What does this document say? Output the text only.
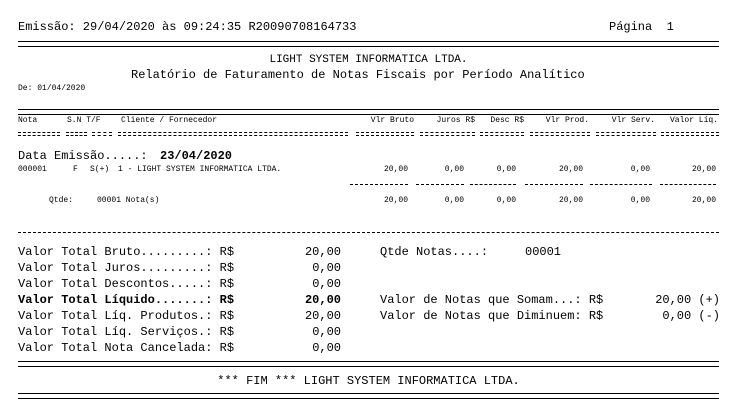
Emissão: 29/04/2020 às 09:24:35 R20090708164733	Página  1
LIGHT SYSTEM INFORMATICA LTDA.
Relatório de Faturamento de Notas Fiscais por Período Analítico
De: 01/04/2020
Nota	S.N T/F	Cliente / Fornecedor	Vlr Bruto	Juros R$	Desc R$	Vlr Prod.	Vlr Serv.	Valor Líq.
Data Emissão.....: 23/04/2020
000001	F S(+) 1 - LIGHT SYSTEM INFORMATICA LTDA.	20,00	0,00	0,00	20,00	0,00	20,00
Qtde:	00001 Nota(s)	20,00	0,00	0,00	20,00	0,00	20,00
Valor Total Bruto.........: R$	20,00
Valor Total Juros.........: R$	0,00
Valor Total Descontos.....: R$	0,00
Valor Total Líquido.......: R$	20,00
Valor Total Líq. Produtos.: R$	20,00
Valor Total Líq. Serviços.: R$	0,00
Valor Total Nota Cancelada: R$	0,00
Qtde Notas....:	00001
Valor de Notas que Somam...: R$	20,00 (+)
Valor de Notas que Diminuem: R$	0,00 (-)
*** FIM *** LIGHT SYSTEM INFORMATICA LTDA.
